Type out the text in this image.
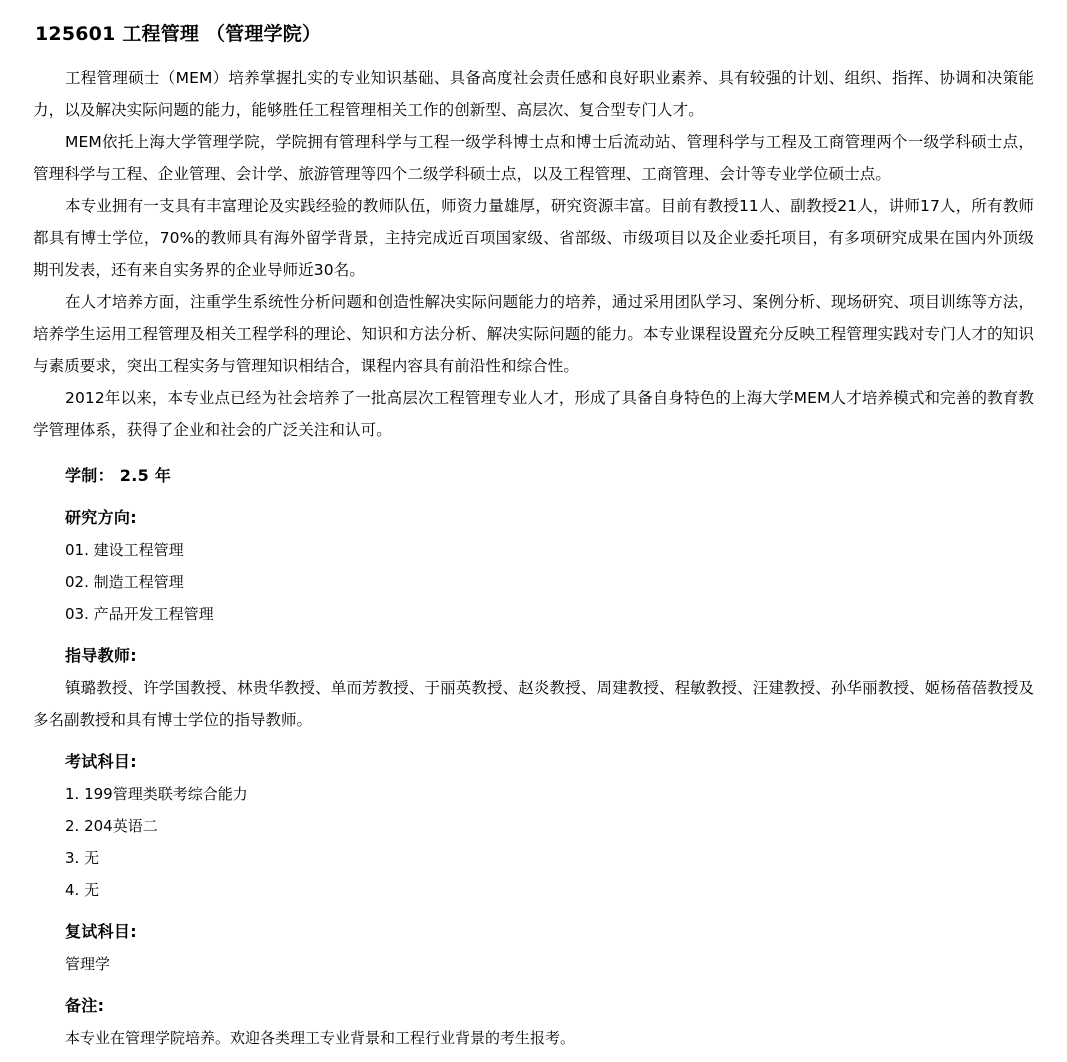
125601 工程管理 （管理学院）

工程管理硕士（MEM）培养掌握扎实的专业知识基础、具备高度社会责任感和良好职业素养、具有较强的计划、组织、指挥、协调和决策能力，以及解决实际问题的能力，能够胜任工程管理相关工作的创新型、高层次、复合型专门人才。

MEM依托上海大学管理学院，学院拥有管理科学与工程一级学科博士点和博士后流动站、管理科学与工程及工商管理两个一级学科硕士点，管理科学与工程、企业管理、会计学、旅游管理等四个二级学科硕士点，以及工程管理、工商管理、会计等专业学位硕士点。

本专业拥有一支具有丰富理论及实践经验的教师队伍，师资力量雄厚，研究资源丰富。目前有教授11人、副教授21人，讲师17人，所有教师都具有博士学位，70%的教师具有海外留学背景，主持完成近百项国家级、省部级、市级项目以及企业委托项目，有多项研究成果在国内外顶级期刊发表，还有来自实务界的企业导师近30名。

在人才培养方面，注重学生系统性分析问题和创造性解决实际问题能力的培养，通过采用团队学习、案例分析、现场研究、项目训练等方法，培养学生运用工程管理及相关工程学科的理论、知识和方法分析、解决实际问题的能力。本专业课程设置充分反映工程管理实践对专门人才的知识与素质要求，突出工程实务与管理知识相结合，课程内容具有前沿性和综合性。

2012年以来，本专业点已经为社会培养了一批高层次工程管理专业人才，形成了具备自身特色的上海大学MEM人才培养模式和完善的教育教学管理体系，获得了企业和社会的广泛关注和认可。

学制： 2.5 年
研究方向:
01. 建设工程管理
02. 制造工程管理
03. 产品开发工程管理
指导教师:

镇璐教授、许学国教授、林贵华教授、单而芳教授、于丽英教授、赵炎教授、周建教授、程敏教授、汪建教授、孙华丽教授、姬杨蓓蓓教授及多名副教授和具有博士学位的指导教师。

考试科目:
1. 199管理类联考综合能力
2. 204英语二
3. 无
4. 无
复试科目:
管理学
备注:
本专业在管理学院培养。欢迎各类理工专业背景和工程行业背景的考生报考。
